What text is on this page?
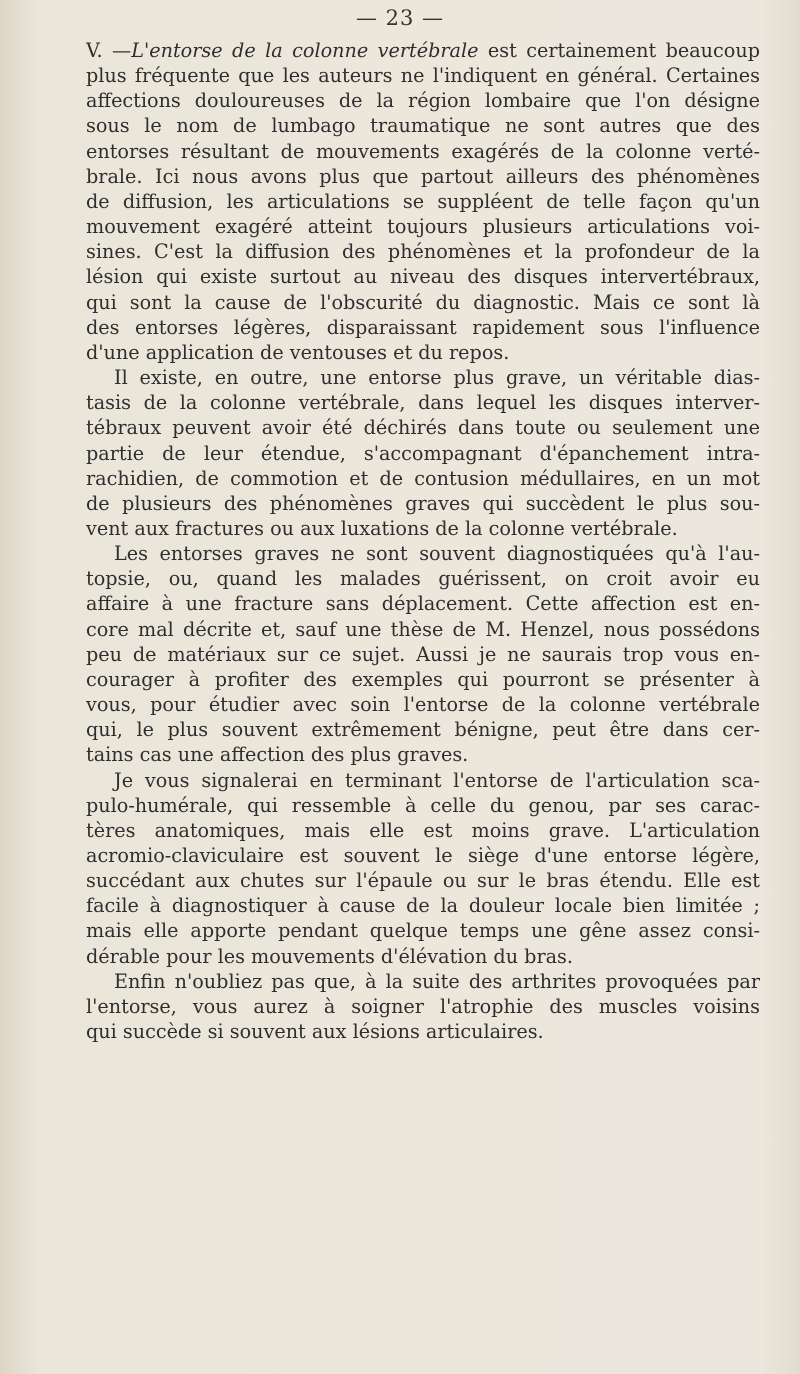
— 23 —
V. —L'entorse de la colonne vertébrale est certainement beaucoup
plus fréquente que les auteurs ne l'indiquent en général. Certaines
affections douloureuses de la région lombaire que l'on désigne
sous le nom de lumbago traumatique ne sont autres que des
entorses résultant de mouvements exagérés de la colonne verté-
brale. Ici nous avons plus que partout ailleurs des phénomènes
de diffusion, les articulations se suppléent de telle façon qu'un
mouvement exagéré atteint toujours plusieurs articulations voi-
sines. C'est la diffusion des phénomènes et la profondeur de la
lésion qui existe surtout au niveau des disques intervertébraux,
qui sont la cause de l'obscurité du diagnostic. Mais ce sont là
des entorses légères, disparaissant rapidement sous l'influence
d'une application de ventouses et du repos.
Il existe, en outre, une entorse plus grave, un véritable dias-
tasis de la colonne vertébrale, dans lequel les disques interver-
tébraux peuvent avoir été déchirés dans toute ou seulement une
partie de leur étendue, s'accompagnant d'épanchement intra-
rachidien, de commotion et de contusion médullaires, en un mot
de plusieurs des phénomènes graves qui succèdent le plus sou-
vent aux fractures ou aux luxations de la colonne vertébrale.
Les entorses graves ne sont souvent diagnostiquées qu'à l'au-
topsie, ou, quand les malades guérissent, on croit avoir eu
affaire à une fracture sans déplacement. Cette affection est en-
core mal décrite et, sauf une thèse de M. Henzel, nous possédons
peu de matériaux sur ce sujet. Aussi je ne saurais trop vous en-
courager à profiter des exemples qui pourront se présenter à
vous, pour étudier avec soin l'entorse de la colonne vertébrale
qui, le plus souvent extrêmement bénigne, peut être dans cer-
tains cas une affection des plus graves.
Je vous signalerai en terminant l'entorse de l'articulation sca-
pulo-humérale, qui ressemble à celle du genou, par ses carac-
tères anatomiques, mais elle est moins grave. L'articulation
acromio-claviculaire est souvent le siège d'une entorse légère,
succédant aux chutes sur l'épaule ou sur le bras étendu. Elle est
facile à diagnostiquer à cause de la douleur locale bien limitée ;
mais elle apporte pendant quelque temps une gêne assez consi-
dérable pour les mouvements d'élévation du bras.
Enfin n'oubliez pas que, à la suite des arthrites provoquées par
l'entorse, vous aurez à soigner l'atrophie des muscles voisins
qui succède si souvent aux lésions articulaires.
